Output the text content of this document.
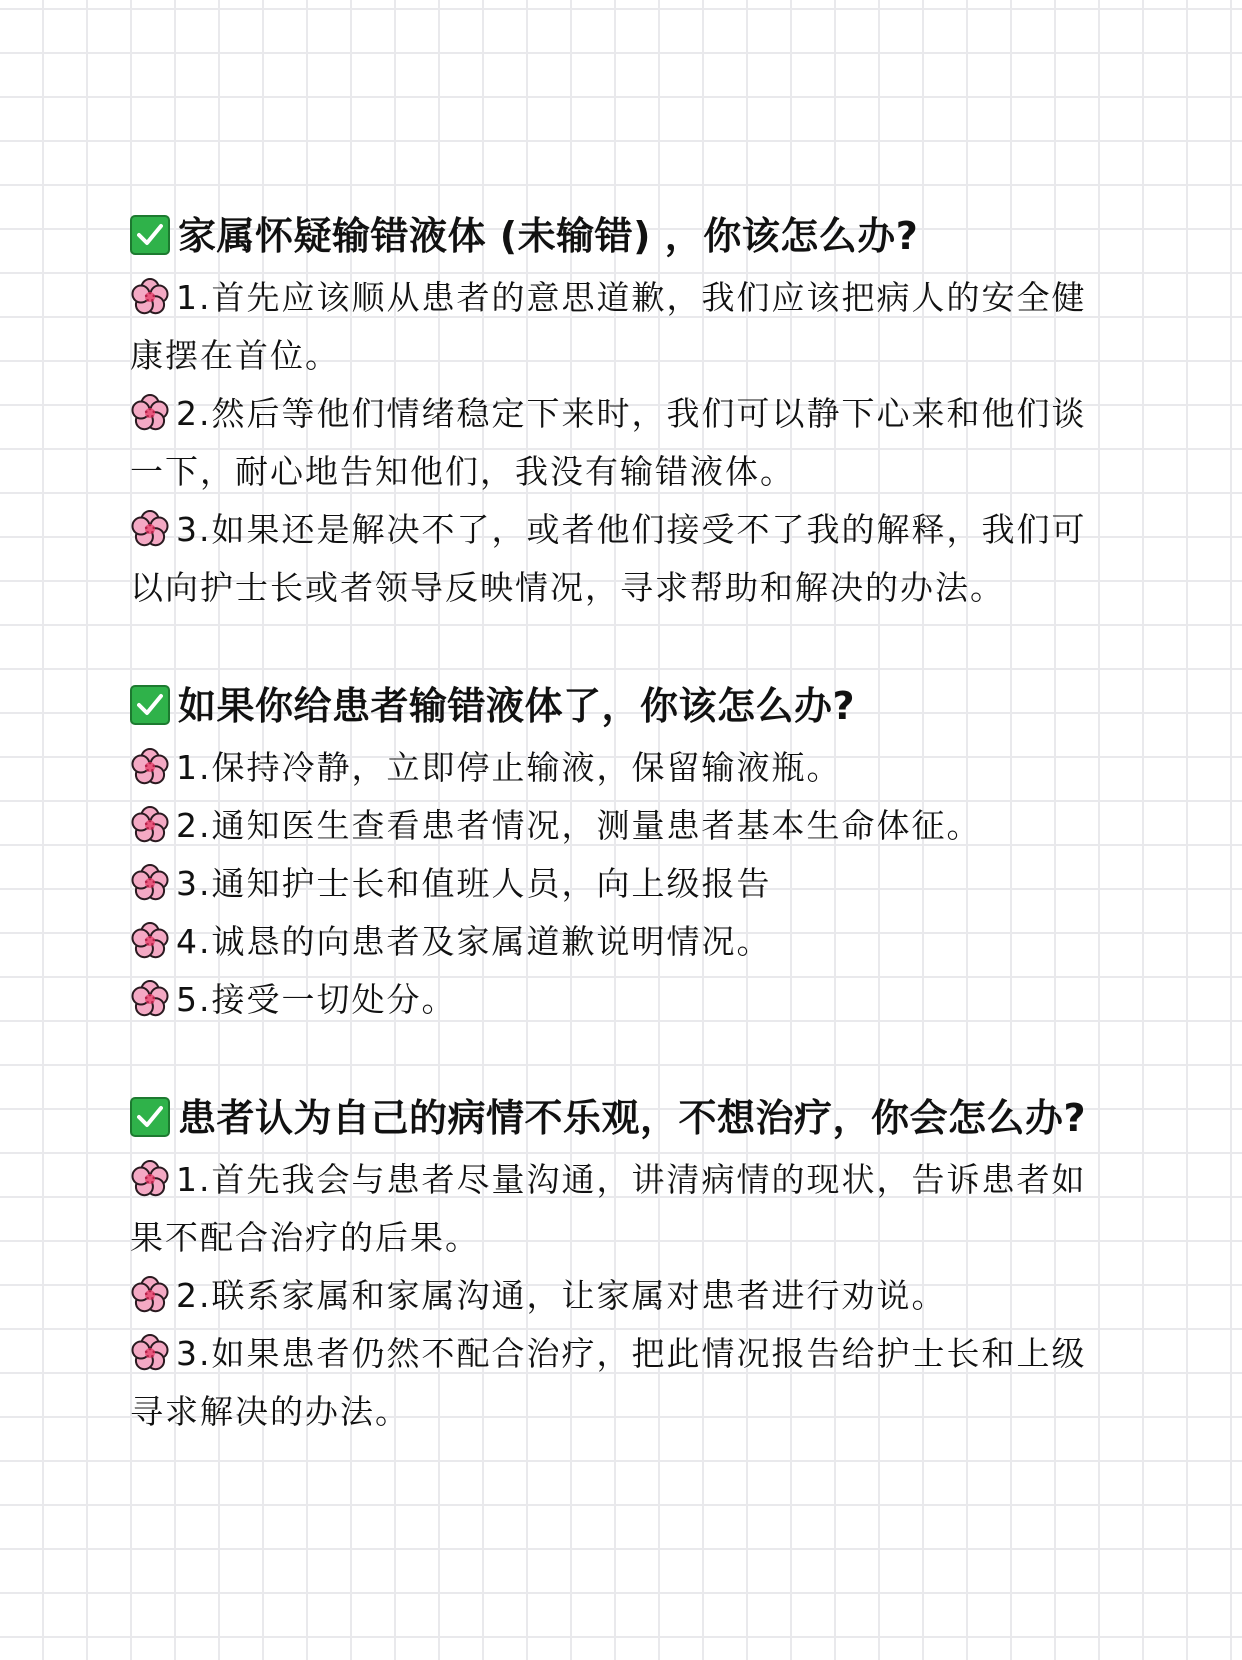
家属怀疑输错液体 (未输错) ，你该怎么办?

1.首先应该顺从患者的意思道歉，我们应该把病人的安全健康摆在首位。

2.然后等他们情绪稳定下来时，我们可以静下心来和他们谈一下，耐心地告知他们，我没有输错液体。

3.如果还是解决不了，或者他们接受不了我的解释，我们可以向护士长或者领导反映情况，寻求帮助和解决的办法。

如果你给患者输错液体了，你该怎么办?

1.保持冷静，立即停止输液，保留输液瓶。

2.通知医生查看患者情况，测量患者基本生命体征。

3.通知护士长和值班人员，向上级报告

4.诚恳的向患者及家属道歉说明情况。

5.接受一切处分。

患者认为自己的病情不乐观，不想治疗，你会怎么办?

1.首先我会与患者尽量沟通，讲清病情的现状，告诉患者如果不配合治疗的后果。

2.联系家属和家属沟通，让家属对患者进行劝说。

3.如果患者仍然不配合治疗，把此情况报告给护士长和上级寻求解决的办法。
